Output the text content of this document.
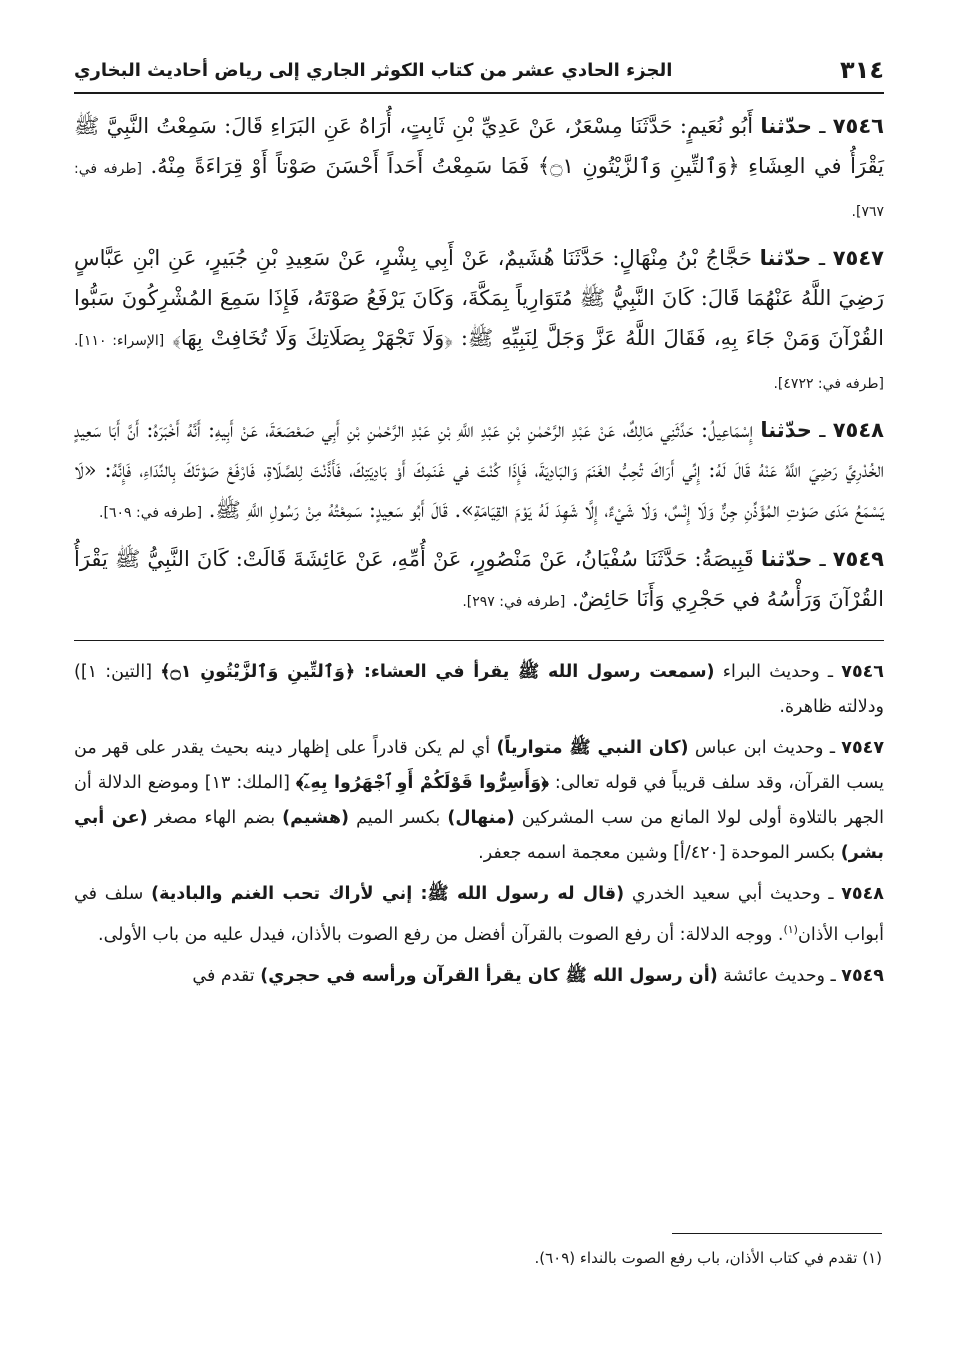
٣١٤
الجزء الحادي عشر من كتاب الكوثر الجاري إلى رياض أحاديث البخاري

٧٥٤٦ ـ حدّثنا أَبُو نُعَيمٍ: حَدَّثَنَا مِسْعَرٌ، عَنْ عَدِيِّ بْنِ ثَابِتٍ، أُرَاهُ عَنِ البَرَاءِ قَالَ: سَمِعْتُ النَّبِيَّ ﷺ يَقْرَأُ في العِشَاءِ ﴿وَٱلتِّينِ وَٱلزَّيْتُونِ ۝١﴾ فَمَا سَمِعْتُ أَحَداً أَحْسَنَ صَوْتاً أَوْ قِرَاءَةً مِنْهُ. [طرفه في: ٧٦٧].

٧٥٤٧ ـ حدّثنا حَجَّاجُ بْنُ مِنْهَالٍ: حَدَّثَنَا هُشَيمٌ، عَنْ أَبِي بِشْرٍ، عَنْ سَعِيدِ بْنِ جُبَيرٍ، عَنِ ابْنِ عَبَّاسٍ رَضِيَ اللَّهُ عَنْهُمَا قَالَ: كَانَ النَّبِيُّ ﷺ مُتَوَارِياً بِمَكَّةَ، وَكَانَ يَرْفَعُ صَوْتَهُ، فَإِذَا سَمِعَ المُشْرِكُونَ سَبُّوا القُرْآنَ وَمَنْ جَاءَ بِهِ، فَقَالَ اللَّهُ عَزَّ وَجَلَّ لِنَبِيِّهِ ﷺ: ﴿وَلَا تَجْهَرْ بِصَلَاتِكَ وَلَا تُخَافِتْ بِهَا﴾ [الإسراء: ١١٠]. [طرفه في: ٤٧٢٢].

٧٥٤٨ ـ حدّثنا إِسْمَاعِيلُ: حَدَّثَنِي مَالِكٌ، عَنْ عَبْدِ الرَّحْمٰنِ بْنِ عَبْدِ اللَّهِ بْنِ عَبْدِ الرَّحْمٰنِ بْنِ أَبِي صَعْصَعَةَ، عَنْ أَبِيهِ: أَنَّهُ أَخْبَرَهُ: أَنَّ أَبَا سَعِيدٍ الخُدْرِيَّ رَضِيَ اللَّهُ عَنْهُ قَالَ لَهُ: إِنِّي أَرَاكَ تُحِبُّ الغَنَمَ وَالبَادِيَةَ، فَإِذَا كُنْتَ في غَنَمِكَ أَوْ بَادِيَتِكَ، فَأَذَّنْتَ لِلصَّلَاةِ، فَارْفَعْ صَوْتَكَ بِالنِّدَاءِ، فَإِنَّهُ: «لَا يَسْمَعُ مَدَى صَوْتِ المُؤَذِّنِ جِنٌّ وَلَا إِنْسٌ، وَلَا شَيْءٌ، إِلَّا شَهِدَ لَهُ يَوْمَ القِيَامَةِ». قَالَ أَبُو سَعِيدٍ: سَمِعْتُهُ مِنْ رَسُولِ اللَّهِ ﷺ. [طرفه في: ٦٠٩].

٧٥٤٩ ـ حدّثنا قَبِيصَةُ: حَدَّثَنَا سُفْيَانُ، عَنْ مَنْصُورٍ، عَنْ أُمِّهِ، عَنْ عَائِشَةَ قَالَتْ: كَانَ النَّبِيُّ ﷺ يَقْرَأُ القُرْآنَ وَرَأْسُهُ في حَجْرِي وَأَنَا حَائِضٌ. [طرفه في: ٢٩٧].

٧٥٤٦ ـ وحديث البراء (سمعت رسول الله ﷺ يقرأ في العشاء: ﴿وَٱلتِّينِ وَٱلزَّيْتُونِ ۝١﴾ [التين: ١]) ودلالته ظاهرة.

٧٥٤٧ ـ وحديث ابن عباس (كان النبي ﷺ متوارياً) أي لم يكن قادراً على إظهار دينه بحيث يقدر على قهر من يسب القرآن، وقد سلف قريباً في قوله تعالى: ﴿وَأَسِرُّوا قَوْلَكُمْ أَوِ ٱجْهَرُوا بِهِۦٓ﴾ [الملك: ١٣] وموضع الدلالة أن الجهر بالتلاوة أولى لولا المانع من سب المشركين (منهال) بكسر الميم (هشيم) بضم الهاء مصغر (عن أبي بشر) بكسر الموحدة [٤٢٠/أ] وشين معجمة اسمه جعفر.

٧٥٤٨ ـ وحديث أبي سعيد الخدري (قال له رسول الله ﷺ: إني لأراك تحب الغنم والبادية) سلف في أبواب الأذان$^{(١)}$. ووجه الدلالة: أن رفع الصوت بالقرآن أفضل من رفع الصوت بالأذان، فيدل عليه من باب الأولى.

٧٥٤٩ ـ وحديث عائشة (أن رسول الله ﷺ كان يقرأ القرآن ورأسه في حجري) تقدم في

(١) تقدم في كتاب الأذان، باب رفع الصوت بالنداء (٦٠٩).
